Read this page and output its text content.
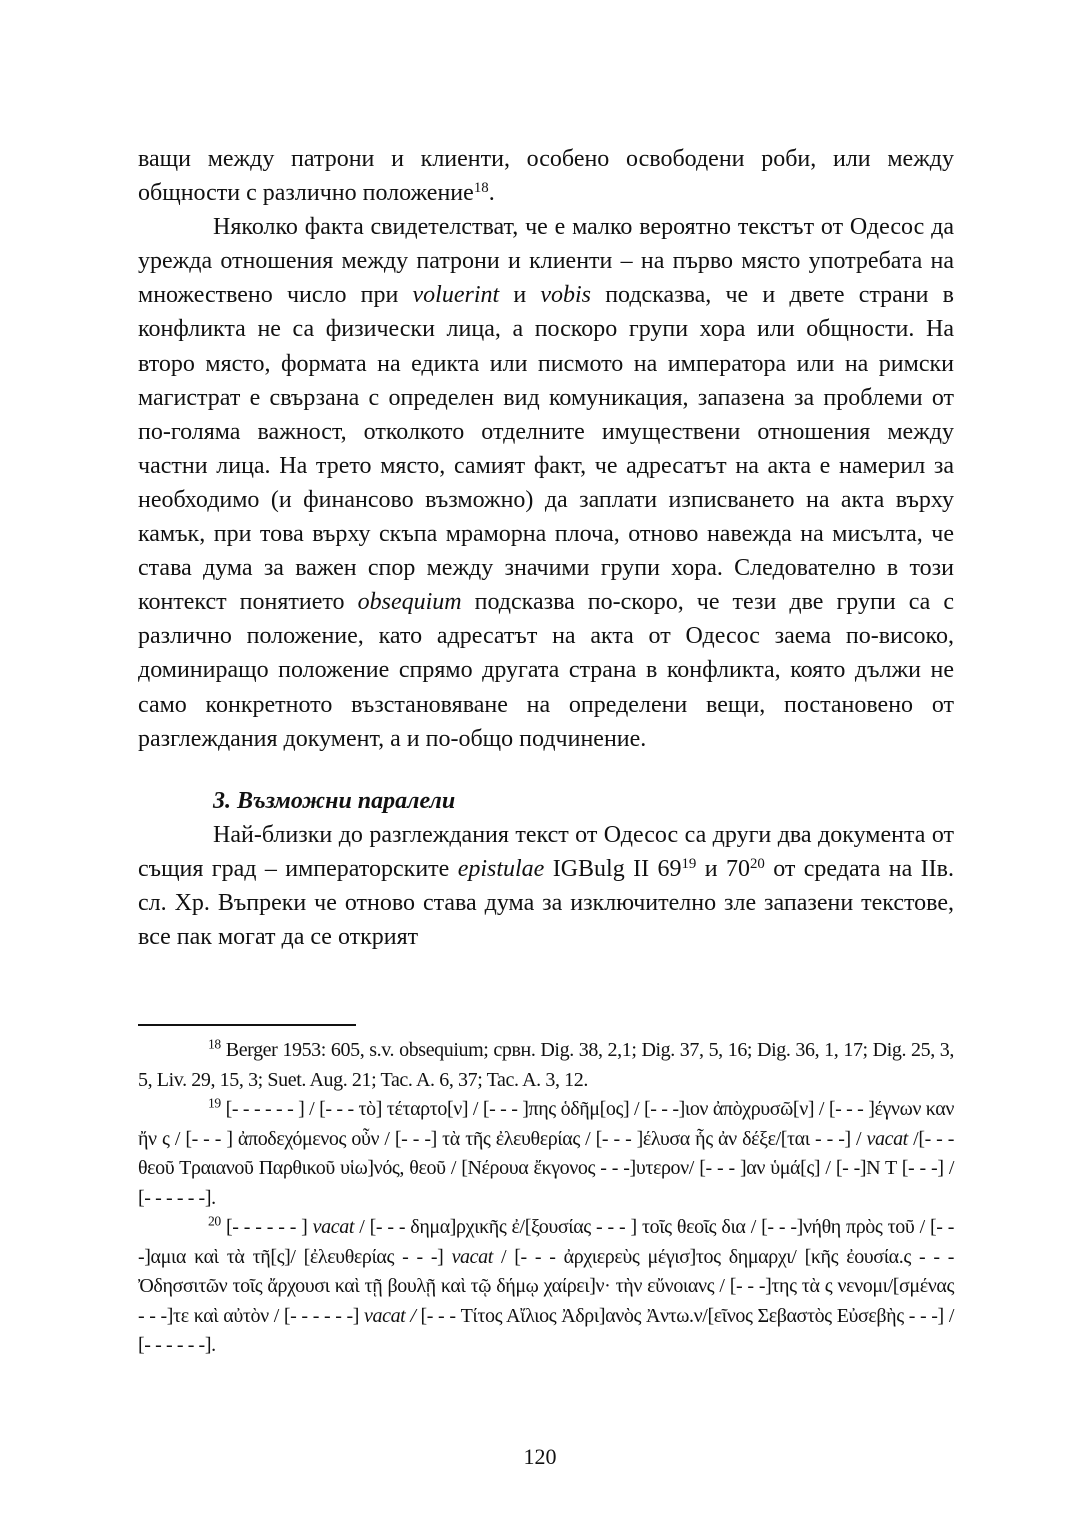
ващи между патрони и клиенти, особено освободени роби, или между общности с различно положение$^{18}$.

Няколко факта свидетелстват, че е малко вероятно текстът от Одесос да урежда отношения между патрони и клиенти – на първо място употребата на множествено число при voluerint и vobis подсказва, че и двете страни в конфликта не са физически лица, а поскоро групи хора или общности. На второ място, формата на едикта или писмото на императора или на римски магистрат е свързана с определен вид комуникация, запазена за проблеми от по-голяма важност, отколкото отделните имуществени отношения между частни лица. На трето място, самият факт, че адресатът на акта е намерил за необходимо (и финансово възможно) да заплати изписването на акта върху камък, при това върху скъпа мраморна плоча, отново навежда на мисълта, че става дума за важен спор между значими групи хора. Следователно в този контекст понятието obsequium подсказва по-скоро, че тези две групи са с различно положение, като адресатът на акта от Одесос заема по-високо, доминиращо положение спрямо другата страна в конфликта, която дължи не само конкретното възстановяване на определени вещи, постановено от разглеждания документ, а и по-общо подчинение.

3. Възможни паралели

Най-близки до разглеждания текст от Одесос са други два документа от същия град – императорските epistulae IGBulg II $69^{19}$ и $70^{20}$ от средата на IIв. сл. Хр. Въпреки че отново става дума за изключително зле запазени текстове, все пак могат да се открият

$^{18}$ Berger 1953: 605, s.v. obsequium; срвн. Dig. 38, 2,1; Dig. 37, 5, 16; Dig. 36, 1, 17; Dig. 25, 3, 5, Liv. 29, 15, 3; Suet. Aug. 21; Tac. A. 6, 37; Tac. A. 3, 12.

$^{19}$ [- - - - - - ] / [- - - τὸ] τέταρτο[ν] / [- - - ]πης ὁδῆμ[ος] / [- - -]ιον ἀπὸχρυσῶ[ν] / [- - - ]έγνων καν ἤν ς / [- - - ] ἀποδεχόμενος οὖν / [- - -] τὰ τῆς ἐλευθερίας / [- - - ]έλυσα ἧς ἀν δέξε/[ται - - -] / vacat /[- - - θεοῦ Τραιανοῦ Παρθικοῦ υἱω]νός, θεοῦ / [Νέρουα ἔκγονος - - -]υτερον/ [- - - ]αν ὑμά[ς] / [- -]Ν Τ [- - -] / [- - - - - -].

$^{20}$ [- - - - - - ] vacat / [- - - δημα]ρχικῆς ἐ/[ξουσίας - - - ] τοῖς θεοῖς δια / [- - -]νήθη πρὸς τοῦ / [- - -]αμια καὶ τὰ τῆ[ς]/ [ἐλευθερίας - - -] vacat / [- - - ἀρχιερεὺς μέγισ]τος δημαρχι/ [κῆς ἐουσία.ς - - - Ὀδησσιτῶν τοῖς ἄρχουσι καὶ τῇ βουλῇ καὶ τῷ δήμῳ χαίρει]ν· τὴν εὔνοιανς / [- - -]της τὰ ς νενομι/[σμένας - - -]τε καὶ αὐτὸν / [- - - - - -] vacat / [- - - Τίτος Αἴλιος Ἀδρι]ανὸς Ἀντω.ν/[εῖνος Σεβαστὸς Εὐσεβὴς - - -] / [- - - - - -].

120
